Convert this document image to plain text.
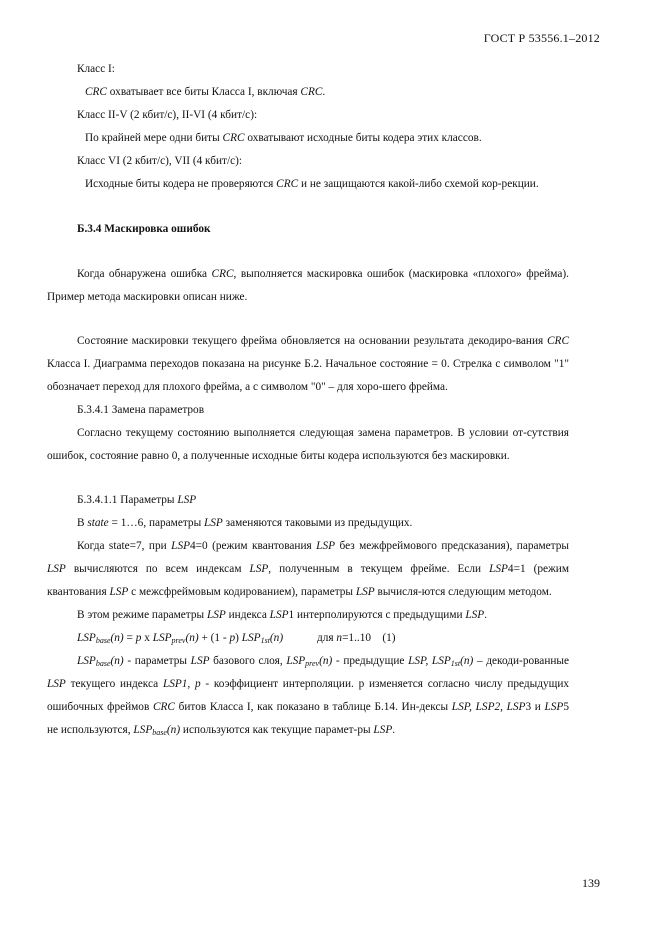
ГОСТ Р 53556.1–2012

Класс I:

CRC охватывает все биты Класса I, включая CRC.

Класс II-V (2 кбит/с), II-VI (4 кбит/с):

По крайней мере одни биты CRC охватывают исходные биты кодера этих классов.

Класс VI (2 кбит/с), VII (4 кбит/с):

Исходные биты кодера не проверяются CRC и не защищаются какой-либо схемой кор-рекции.

Б.3.4 Маскировка ошибок

Когда обнаружена ошибка CRC, выполняется маскировка ошибок (маскировка «плохого» фрейма). Пример метода маскировки описан ниже.

Состояние маскировки текущего фрейма обновляется на основании результата декодиро-вания CRC Класса I. Диаграмма переходов показана на рисунке Б.2. Начальное состояние = 0. Стрелка с символом "1" обозначает переход для плохого фрейма, а с символом "0" – для хоро-шего фрейма.

Б.3.4.1 Замена параметров

Согласно текущему состоянию выполняется следующая замена параметров. В условии от-сутствия ошибок, состояние равно 0, а полученные исходные биты кодера используются без маскировки.

Б.3.4.1.1 Параметры LSP

В state = 1…6, параметры LSP заменяются таковыми из предыдущих.

Когда state=7, при LSP4=0 (режим квантования LSP без межфреймового предсказания), параметры LSP вычисляются по всем индексам LSP, полученным в текущем фрейме. Если LSP4=1 (режим квантования LSP с межсфреймовым кодированием), параметры LSP вычисля-ются следующим методом.

В этом режиме параметры LSP индекса LSP1 интерполируются с предыдущими LSP.

$LSP_{base}(n) = p$ x $LSP_{prev}(n) + (1 - p)$ $LSP_{1st}(n)$            для n=1..10    (1)

$LSP_{base}(n)$ - параметры LSP базового слоя, $LSP_{prev}(n)$ - предыдущие LSP, $LSP_{1st}(n)$ – декоди-рованные LSP текущего индекса LSP1, p - коэффициент интерполяции. p изменяется согласно числу предыдущих ошибочных фреймов CRC битов Класса I, как показано в таблице Б.14. Ин-дексы LSP, LSP2, LSP3 и LSP5 не используются, $LSP_{base}(n)$ используются как текущие парамет-ры LSP.

139
